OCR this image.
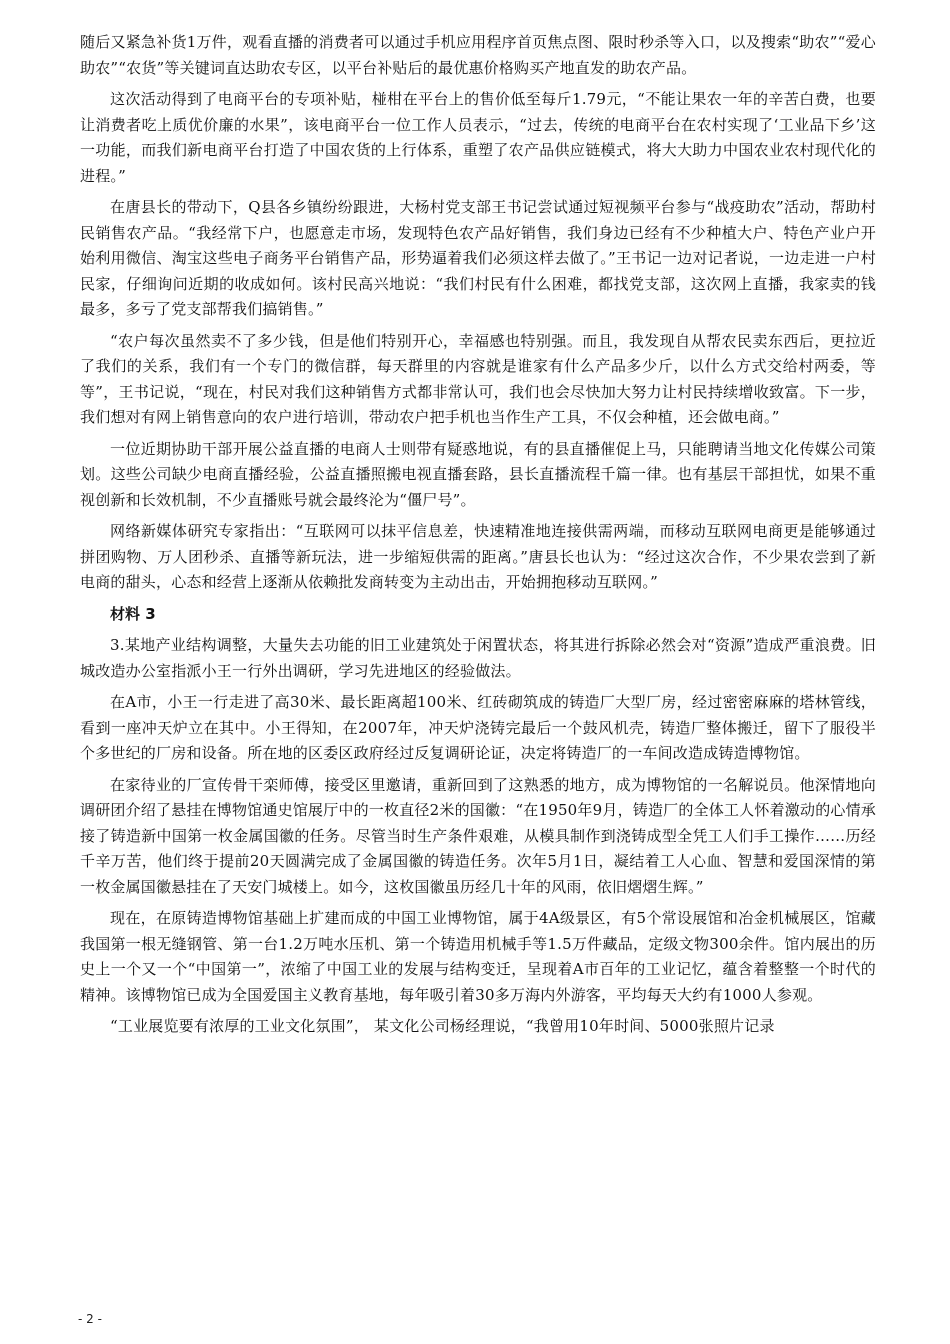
随后又紧急补货1万件，观看直播的消费者可以通过手机应用程序首页焦点图、限时秒杀等入口，以及搜索“助农”“爱心助农”“农货”等关键词直达助农专区，以平台补贴后的最优惠价格购买产地直发的助农产品。

这次活动得到了电商平台的专项补贴，椪柑在平台上的售价低至每斤1.79元，“不能让果农一年的辛苦白费，也要让消费者吃上质优价廉的水果”，该电商平台一位工作人员表示，“过去，传统的电商平台在农村实现了‘工业品下乡’这一功能，而我们新电商平台打造了中国农货的上行体系，重塑了农产品供应链模式，将大大助力中国农业农村现代化的进程。”

在唐县长的带动下，Q县各乡镇纷纷跟进，大杨村党支部王书记尝试通过短视频平台参与“战疫助农”活动，帮助村民销售农产品。“我经常下户，也愿意走市场，发现特色农产品好销售，我们身边已经有不少种植大户、特色产业户开始利用微信、淘宝这些电子商务平台销售产品，形势逼着我们必须这样去做了。”王书记一边对记者说，一边走进一户村民家，仔细询问近期的收成如何。该村民高兴地说：“我们村民有什么困难，都找党支部，这次网上直播，我家卖的钱最多，多亏了党支部帮我们搞销售。”

“农户每次虽然卖不了多少钱，但是他们特别开心，幸福感也特别强。而且，我发现自从帮农民卖东西后，更拉近了我们的关系，我们有一个专门的微信群，每天群里的内容就是谁家有什么产品多少斤，以什么方式交给村两委，等等”，王书记说，“现在，村民对我们这种销售方式都非常认可，我们也会尽快加大努力让村民持续增收致富。下一步，我们想对有网上销售意向的农户进行培训，带动农户把手机也当作生产工具，不仅会种植，还会做电商。”

一位近期协助干部开展公益直播的电商人士则带有疑惑地说，有的县直播催促上马，只能聘请当地文化传媒公司策划。这些公司缺少电商直播经验，公益直播照搬电视直播套路，县长直播流程千篇一律。也有基层干部担忧，如果不重视创新和长效机制，不少直播账号就会最终沦为“僵尸号”。

网络新媒体研究专家指出：“互联网可以抹平信息差，快速精准地连接供需两端，而移动互联网电商更是能够通过拼团购物、万人团秒杀、直播等新玩法，进一步缩短供需的距离。”唐县长也认为：“经过这次合作，不少果农尝到了新电商的甜头，心态和经营上逐渐从依赖批发商转变为主动出击，开始拥抱移动互联网。”

材料 3

3.某地产业结构调整，大量失去功能的旧工业建筑处于闲置状态，将其进行拆除必然会对“资源”造成严重浪费。旧城改造办公室指派小王一行外出调研，学习先进地区的经验做法。

在A市，小王一行走进了高30米、最长距离超100米、红砖砌筑成的铸造厂大型厂房，经过密密麻麻的塔林管线，看到一座冲天炉立在其中。小王得知，在2007年，冲天炉浇铸完最后一个鼓风机壳，铸造厂整体搬迁，留下了服役半个多世纪的厂房和设备。所在地的区委区政府经过反复调研论证，决定将铸造厂的一车间改造成铸造博物馆。

在家待业的厂宣传骨干栾师傅，接受区里邀请，重新回到了这熟悉的地方，成为博物馆的一名解说员。他深情地向调研团介绍了悬挂在博物馆通史馆展厅中的一枚直径2米的国徽：“在1950年9月，铸造厂的全体工人怀着激动的心情承接了铸造新中国第一枚金属国徽的任务。尽管当时生产条件艰难，从模具制作到浇铸成型全凭工人们手工操作……历经千辛万苦，他们终于提前20天圆满完成了金属国徽的铸造任务。次年5月1日，凝结着工人心血、智慧和爱国深情的第一枚金属国徽悬挂在了天安门城楼上。如今，这枚国徽虽历经几十年的风雨，依旧熠熠生辉。”

现在，在原铸造博物馆基础上扩建而成的中国工业博物馆，属于4A级景区，有5个常设展馆和冶金机械展区，馆藏我国第一根无缝钢管、第一台1.2万吨水压机、第一个铸造用机械手等1.5万件藏品，定级文物300余件。馆内展出的历史上一个又一个“中国第一”，浓缩了中国工业的发展与结构变迁，呈现着A市百年的工业记忆，蕴含着整整一个时代的精神。该博物馆已成为全国爱国主义教育基地，每年吸引着30多万海内外游客，平均每天大约有1000人参观。

“工业展览要有浓厚的工业文化氛围”， 某文化公司杨经理说，“我曾用10年时间、5000张照片记录

- 2 -
